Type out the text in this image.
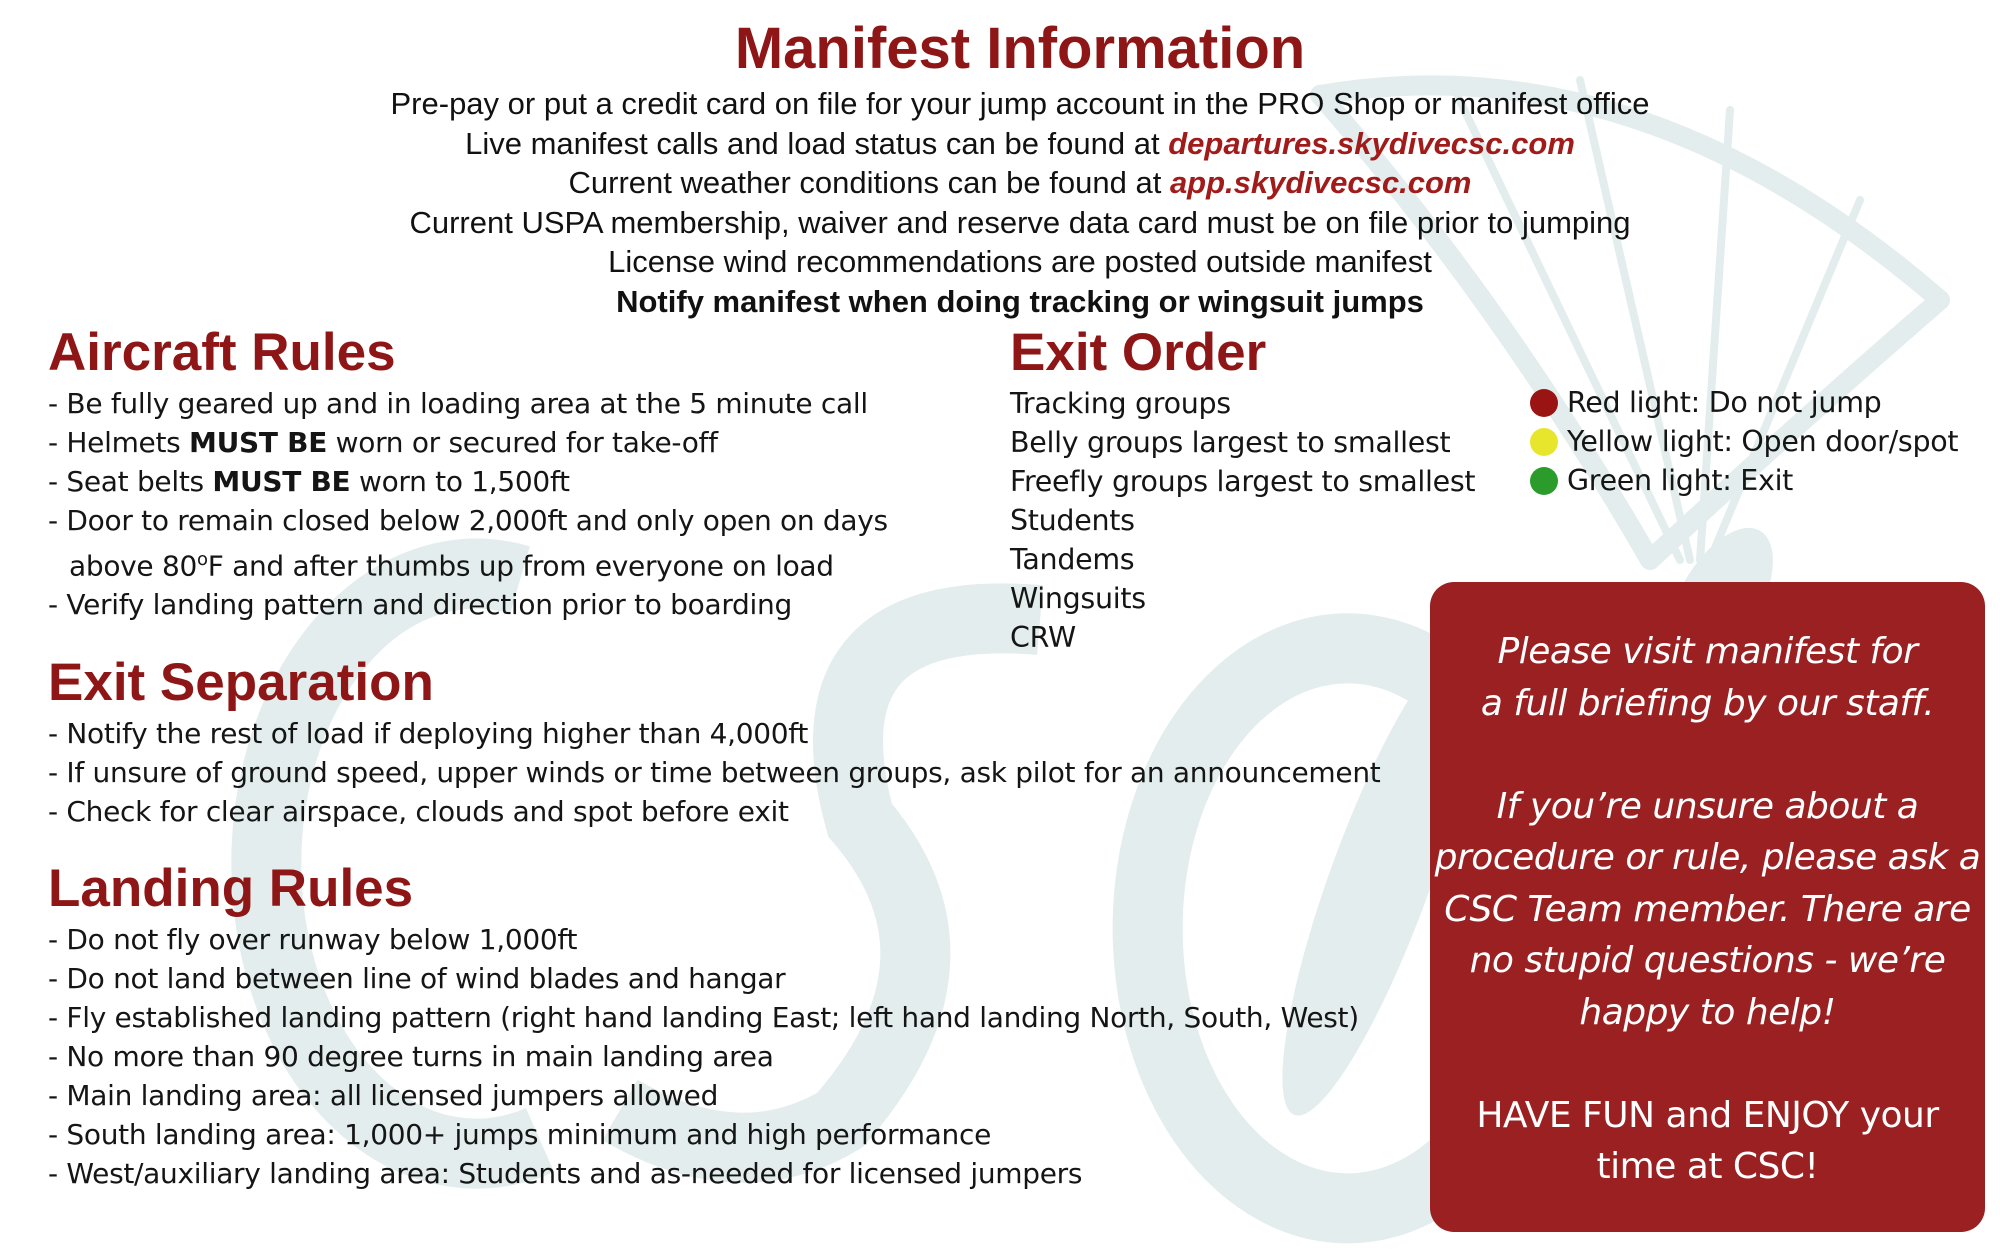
Manifest Information
Pre-pay or put a credit card on file for your jump account in the PRO Shop or manifest office
Live manifest calls and load status can be found at departures.skydivecsc.com
Current weather conditions can be found at app.skydivecsc.com
Current USPA membership, waiver and reserve data card must be on file prior to jumping
License wind recommendations are posted outside manifest
Notify manifest when doing tracking or wingsuit jumps
Aircraft Rules
- Be fully geared up and in loading area at the 5 minute call
- Helmets MUST BE worn or secured for take-off
- Seat belts MUST BE worn to 1,500ft
- Door to remain closed below 2,000ft and only open on days
above 80$^o$F and after thumbs up from everyone on load
- Verify landing pattern and direction prior to boarding
Exit Separation
- Notify the rest of load if deploying higher than 4,000ft
- If unsure of ground speed, upper winds or time between groups, ask pilot for an announcement
- Check for clear airspace, clouds and spot before exit
Landing Rules
- Do not fly over runway below 1,000ft
- Do not land between line of wind blades and hangar
- Fly established landing pattern (right hand landing East; left hand landing North, South, West)
- No more than 90 degree turns in main landing area
- Main landing area: all licensed jumpers allowed
- South landing area: 1,000+ jumps minimum and high performance
- West/auxiliary landing area: Students and as-needed for licensed jumpers
Exit Order
Tracking groups
Belly groups largest to smallest
Freefly groups largest to smallest
Students
Tandems
Wingsuits
CRW
Red light: Do not jump
Yellow light: Open door/spot
Green light: Exit
Please visit manifest for
a full briefing by our staff.
If you’re unsure about a
procedure or rule, please ask a
CSC Team member. There are
no stupid questions - we’re
happy to help!
HAVE FUN and ENJOY your
time at CSC!
